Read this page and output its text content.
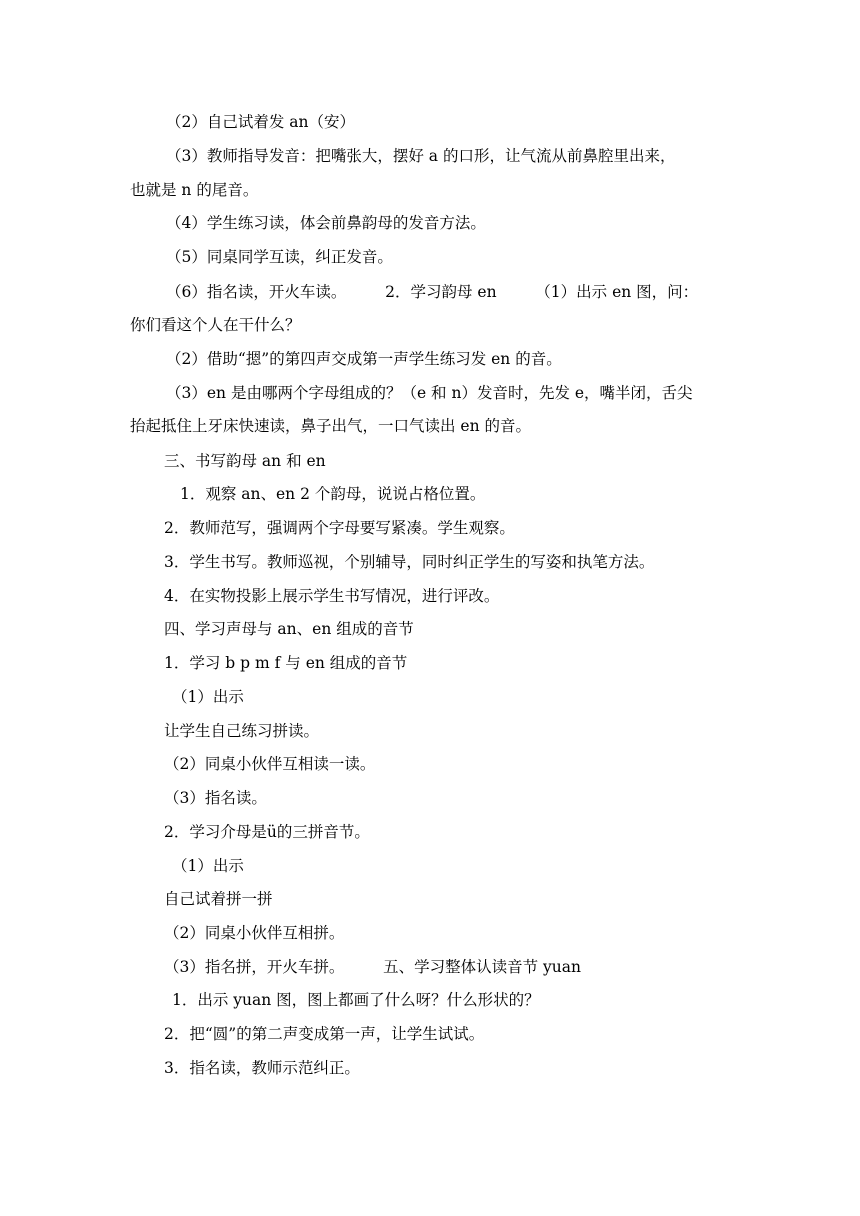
（2）自己试着发 an（安）
（3）教师指导发音：把嘴张大，摆好 a 的口形，让气流从前鼻腔里出来，
也就是 n 的尾音。
（4）学生练习读，体会前鼻韵母的发音方法。
（5）同桌同学互读，纠正发音。
（6）指名读，开火车读。　　　2．学习韵母 en　　　（1）出示 en 图，问：
你们看这个人在干什么？
（2）借助“摁”的第四声交成第一声学生练习发 en 的音。
（3）en 是由哪两个字母组成的？（e 和 n）发音时，先发 e，嘴半闭，舌尖
抬起抵住上牙床快速读，鼻子出气，一口气读出 en 的音。
三、书写韵母 an 和 en
1．观察 an、en 2 个韵母，说说占格位置。
2．教师范写，强调两个字母要写紧凑。学生观察。
3．学生书写。教师巡视，个别辅导，同时纠正学生的写姿和执笔方法。
4．在实物投影上展示学生书写情况，进行评改。
四、学习声母与 an、en 组成的音节
1．学习 b p m f 与 en 组成的音节
（1）出示
让学生自己练习拼读。
（2）同桌小伙伴互相读一读。
（3）指名读。
2．学习介母是ü的三拼音节。
（1）出示
自己试着拼一拼
（2）同桌小伙伴互相拼。
（3）指名拼，开火车拼。　　　五、学习整体认读音节 yuan
1．出示 yuan 图，图上都画了什么呀？什么形状的？
2．把“圆”的第二声变成第一声，让学生试试。
3．指名读，教师示范纠正。
